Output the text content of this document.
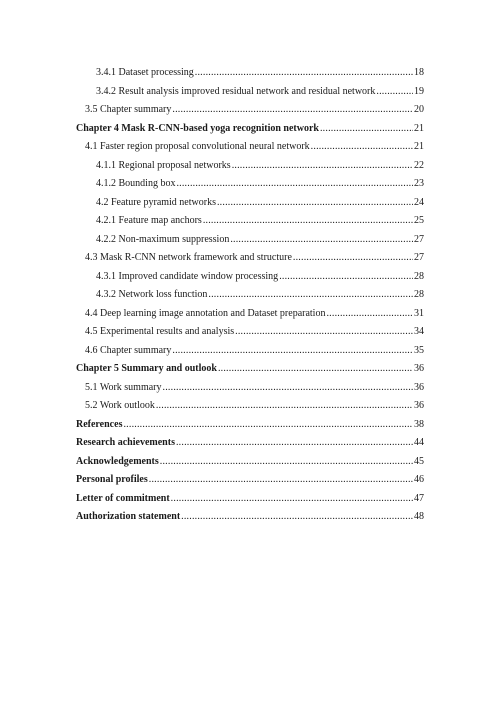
3.4.1 Dataset processing .....	18
3.4.2 Result analysis improved residual network and residual network .....	19
3.5 Chapter summary .....	20
Chapter 4 Mask R-CNN-based yoga recognition network .....	21
4.1 Faster region proposal convolutional neural network .....	21
4.1.1 Regional proposal networks .....	22
4.1.2 Bounding box .....	23
4.2 Feature pyramid networks .....	24
4.2.1 Feature map anchors .....	25
4.2.2 Non-maximum suppression .....	27
4.3 Mask R-CNN network framework and structure .....	27
4.3.1 Improved candidate window processing .....	28
4.3.2 Network loss function .....	28
4.4 Deep learning image annotation and Dataset preparation .....	31
4.5 Experimental results and analysis .....	34
4.6 Chapter summary .....	35
Chapter 5 Summary and outlook .....	36
5.1 Work summary .....	36
5.2 Work outlook .....	36
References .....	38
Research achievements .....	44
Acknowledgements .....	45
Personal profiles .....	46
Letter of commitment .....	47
Authorization statement .....	48
